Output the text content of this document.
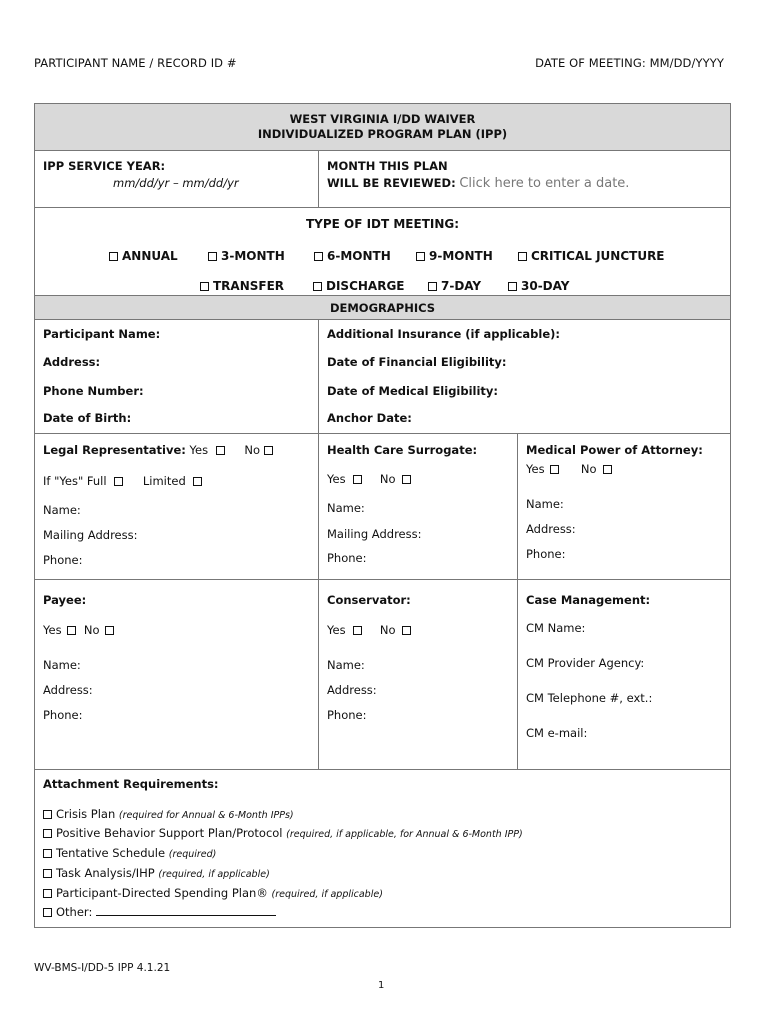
PARTICIPANT NAME / RECORD ID #	DATE OF MEETING: MM/DD/YYYY
WEST VIRGINIA I/DD WAIVER
INDIVIDUALIZED PROGRAM PLAN (IPP)
IPP SERVICE YEAR:
mm/dd/yr – mm/dd/yr
MONTH THIS PLAN
WILL BE REVIEWED: Click here to enter a date.
TYPE OF IDT MEETING:
ANNUAL	3-MONTH	6-MONTH	9-MONTH	CRITICAL JUNCTURE
TRANSFER	DISCHARGE	7-DAY	30-DAY
DEMOGRAPHICS
Participant Name:
Address:
Phone Number:
Date of Birth:
Additional Insurance (if applicable):
Date of Financial Eligibility:
Date of Medical Eligibility:
Anchor Date:
Legal Representative: Yes	No
If "Yes" Full	Limited
Name:
Mailing Address:
Phone:
Health Care Surrogate:
Yes	No
Name:
Mailing Address:
Phone:
Medical Power of Attorney:
Yes	No
Name:
Address:
Phone:
Payee:
Yes No
Name:
Address:
Phone:
Conservator:
Yes	No
Name:
Address:
Phone:
Case Management:
CM Name:
CM Provider Agency:
CM Telephone #, ext.:
CM e-mail:
Attachment Requirements:
Crisis Plan (required for Annual & 6-Month IPPs)
Positive Behavior Support Plan/Protocol (required, if applicable, for Annual & 6-Month IPP)
Tentative Schedule (required)
Task Analysis/IHP (required, if applicable)
Participant-Directed Spending Plan® (required, if applicable)
Other:
WV-BMS-I/DD-5 IPP 4.1.21
1
